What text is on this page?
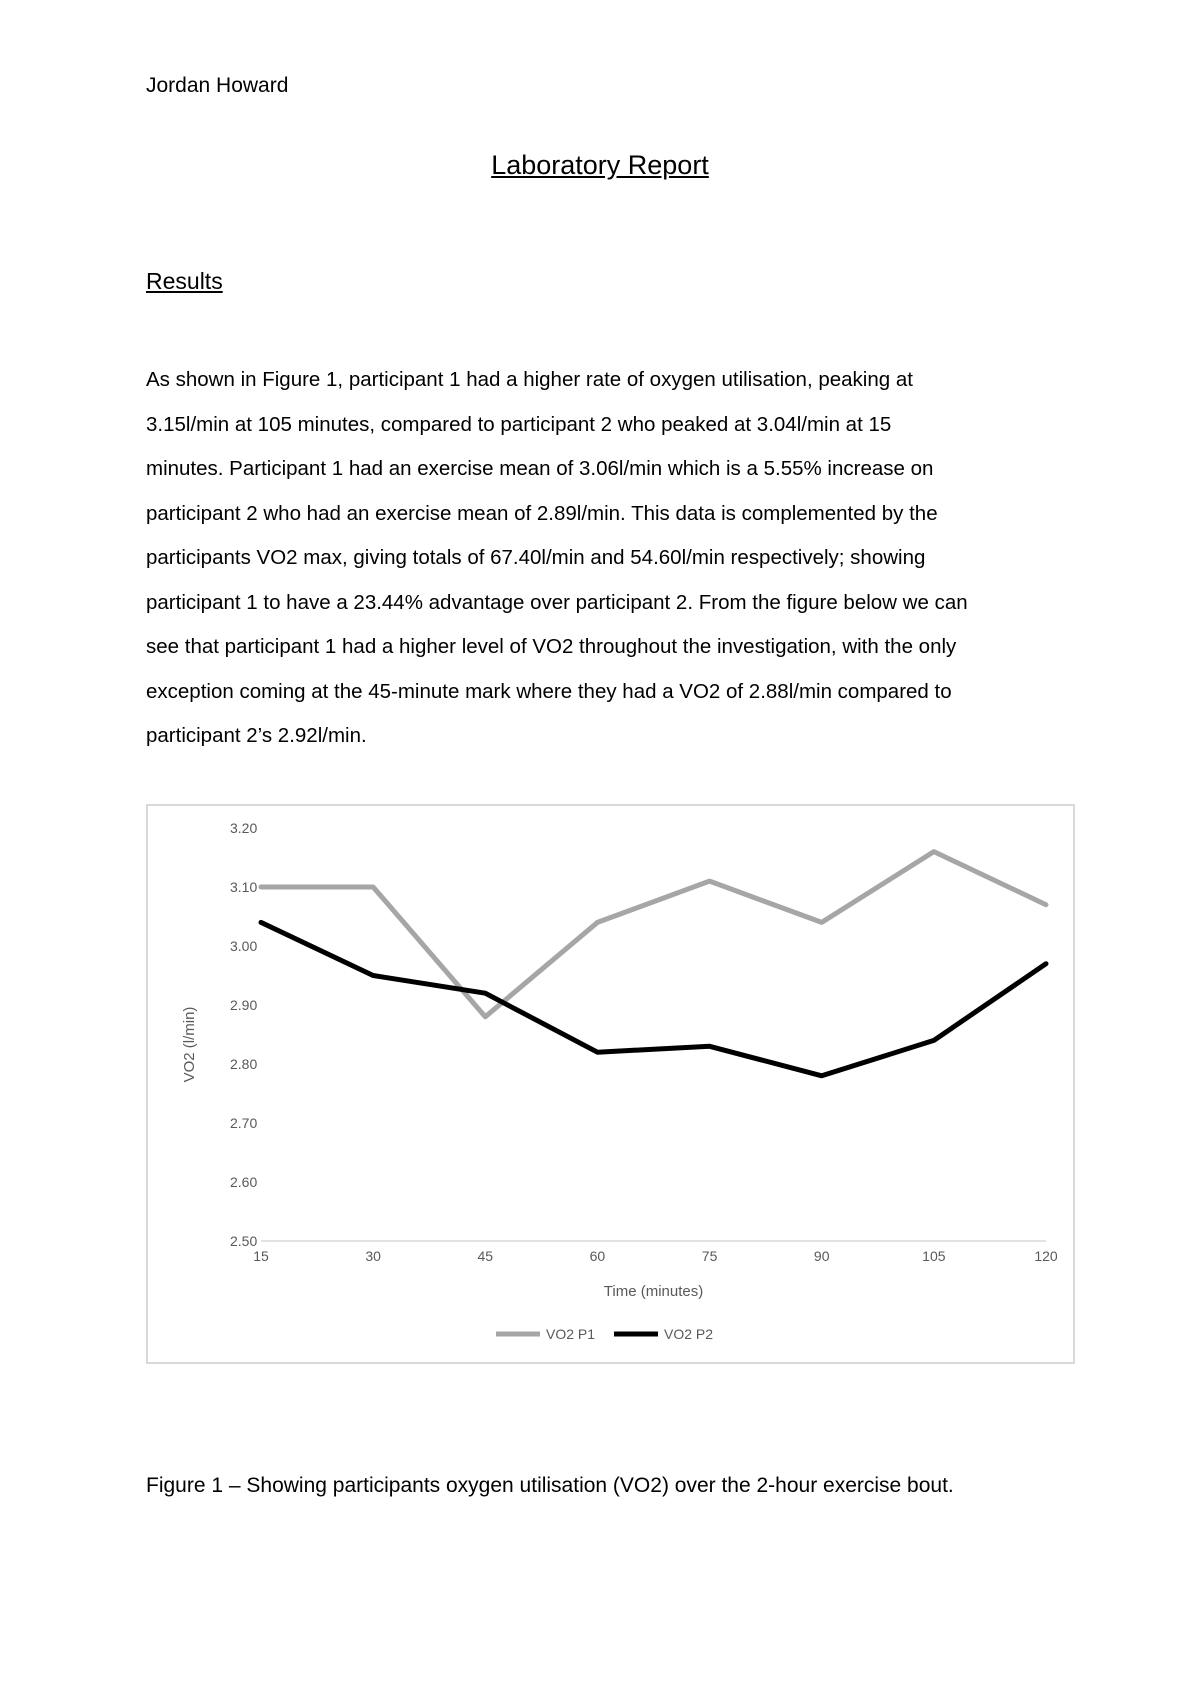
Jordan Howard
Laboratory Report
Results
As shown in Figure 1, participant 1 had a higher rate of oxygen utilisation, peaking at
3.15l/min at 105 minutes, compared to participant 2 who peaked at 3.04l/min at 15
minutes. Participant 1 had an exercise mean of 3.06l/min which is a 5.55% increase on
participant 2 who had an exercise mean of 2.89l/min. This data is complemented by the
participants VO2 max, giving totals of 67.40l/min and 54.60l/min respectively; showing
participant 1 to have a 23.44% advantage over participant 2. From the figure below we can
see that participant 1 had a higher level of VO2 throughout the investigation, with the only
exception coming at the 45-minute mark where they had a VO2 of 2.88l/min compared to
participant 2’s 2.92l/min.
2.50
2.60
2.70
2.80
2.90
3.00
3.10
3.20
15	30	45	60	75	90	105	120
Time (minutes)
VO2 (l/min)
VO2 P1	VO2 P2
Figure 1 – Showing participants oxygen utilisation (VO2) over the 2-hour exercise bout.
